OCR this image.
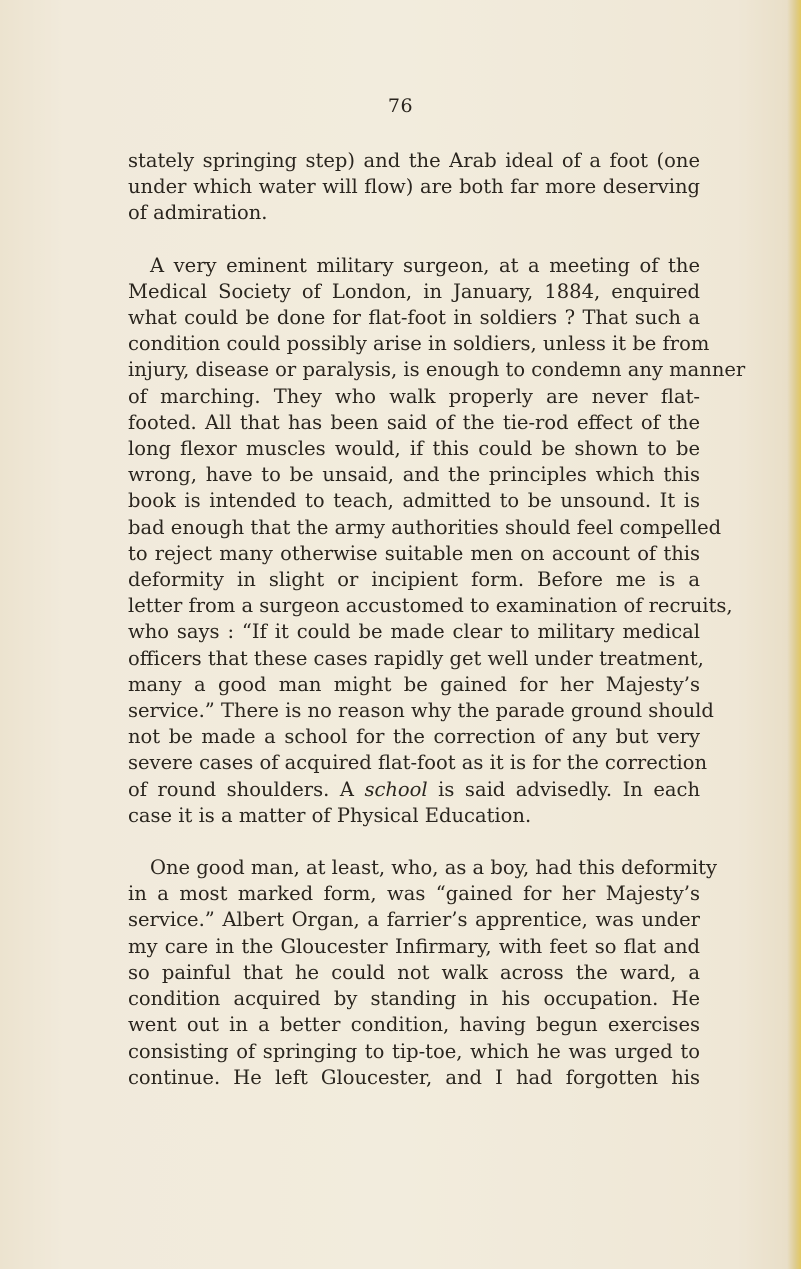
76

stately springing step) and the Arab ideal of a foot (one
under which water will flow) are both far more deserving
of admiration.

A very eminent military surgeon, at a meeting of the
Medical Society of London, in January, 1884, enquired
what could be done for flat-foot in soldiers ? That such a
condition could possibly arise in soldiers, unless it be from
injury, disease or paralysis, is enough to condemn any manner
of marching. They who walk properly are never flat-
footed. All that has been said of the tie-rod effect of the
long flexor muscles would, if this could be shown to be
wrong, have to be unsaid, and the principles which this
book is intended to teach, admitted to be unsound. It is
bad enough that the army authorities should feel compelled
to reject many otherwise suitable men on account of this
deformity in slight or incipient form. Before me is a
letter from a surgeon accustomed to examination of recruits,
who says : “If it could be made clear to military medical
officers that these cases rapidly get well under treatment,
many a good man might be gained for her Majesty’s
service.” There is no reason why the parade ground should
not be made a school for the correction of any but very
severe cases of acquired flat-foot as it is for the correction
of round shoulders. A school is said advisedly. In each
case it is a matter of Physical Education.

One good man, at least, who, as a boy, had this deformity
in a most marked form, was “gained for her Majesty’s
service.” Albert Organ, a farrier’s apprentice, was under
my care in the Gloucester Infirmary, with feet so flat and
so painful that he could not walk across the ward, a
condition acquired by standing in his occupation. He
went out in a better condition, having begun exercises
consisting of springing to tip-toe, which he was urged to
continue. He left Gloucester, and I had forgotten his
